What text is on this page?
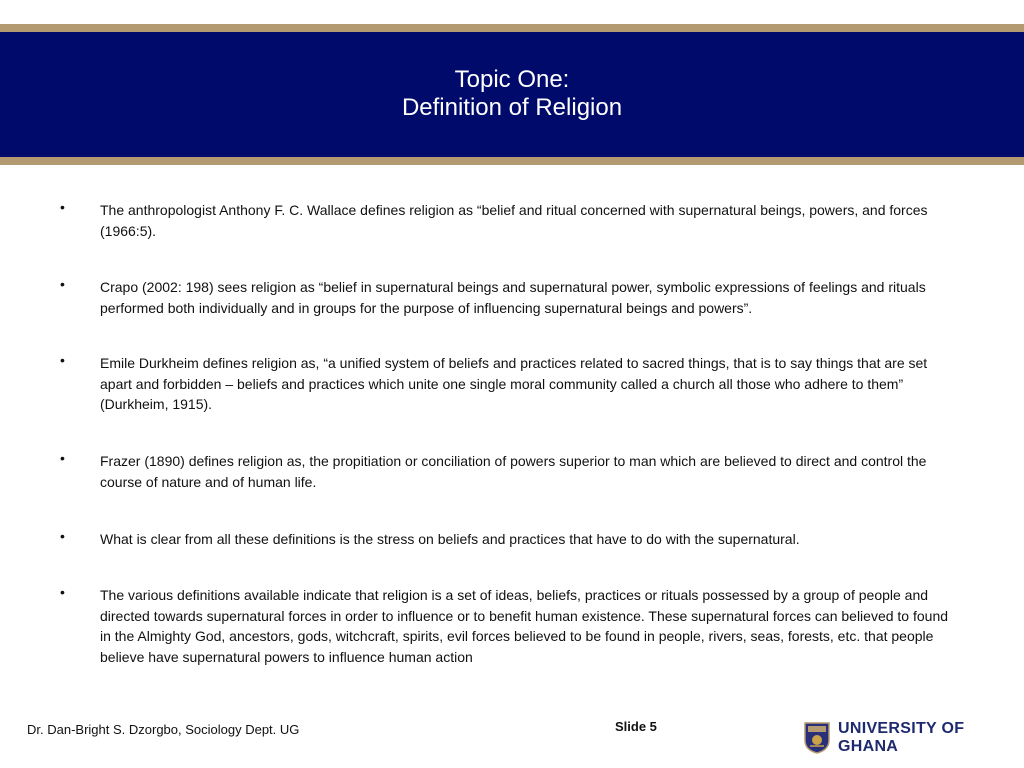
Topic One:
Definition of Religion
•	The anthropologist Anthony F. C. Wallace defines religion as “belief and ritual concerned with supernatural beings, powers, and forces (1966:5).
•	Crapo (2002: 198) sees religion as “belief in supernatural beings and supernatural power, symbolic expressions of feelings and rituals performed both individually and in groups for the purpose of influencing supernatural beings and powers”.
•	Emile Durkheim defines religion as, “a unified system of beliefs and practices related to sacred things, that is to say things that are set apart and forbidden – beliefs and practices which unite one single moral community called a church all those who adhere to them” (Durkheim, 1915).
•	Frazer (1890) defines religion as, the propitiation or conciliation of powers superior to man which are believed to direct and control the course of nature and of human life.
•	What is clear from all these definitions is the stress on beliefs and practices that have to do with the supernatural.
•	The various definitions available indicate that religion is a set of ideas, beliefs, practices or rituals possessed by a group of people and directed towards supernatural forces in order to influence or to benefit human existence. These supernatural forces can believed to found in the Almighty God, ancestors, gods, witchcraft, spirits, evil forces believed to be found in people, rivers, seas, forests, etc. that people believe have supernatural powers to influence human action
Dr. Dan-Bright S. Dzorgbo, Sociology Dept. UG	Slide 5	UNIVERSITY OF GHANA
